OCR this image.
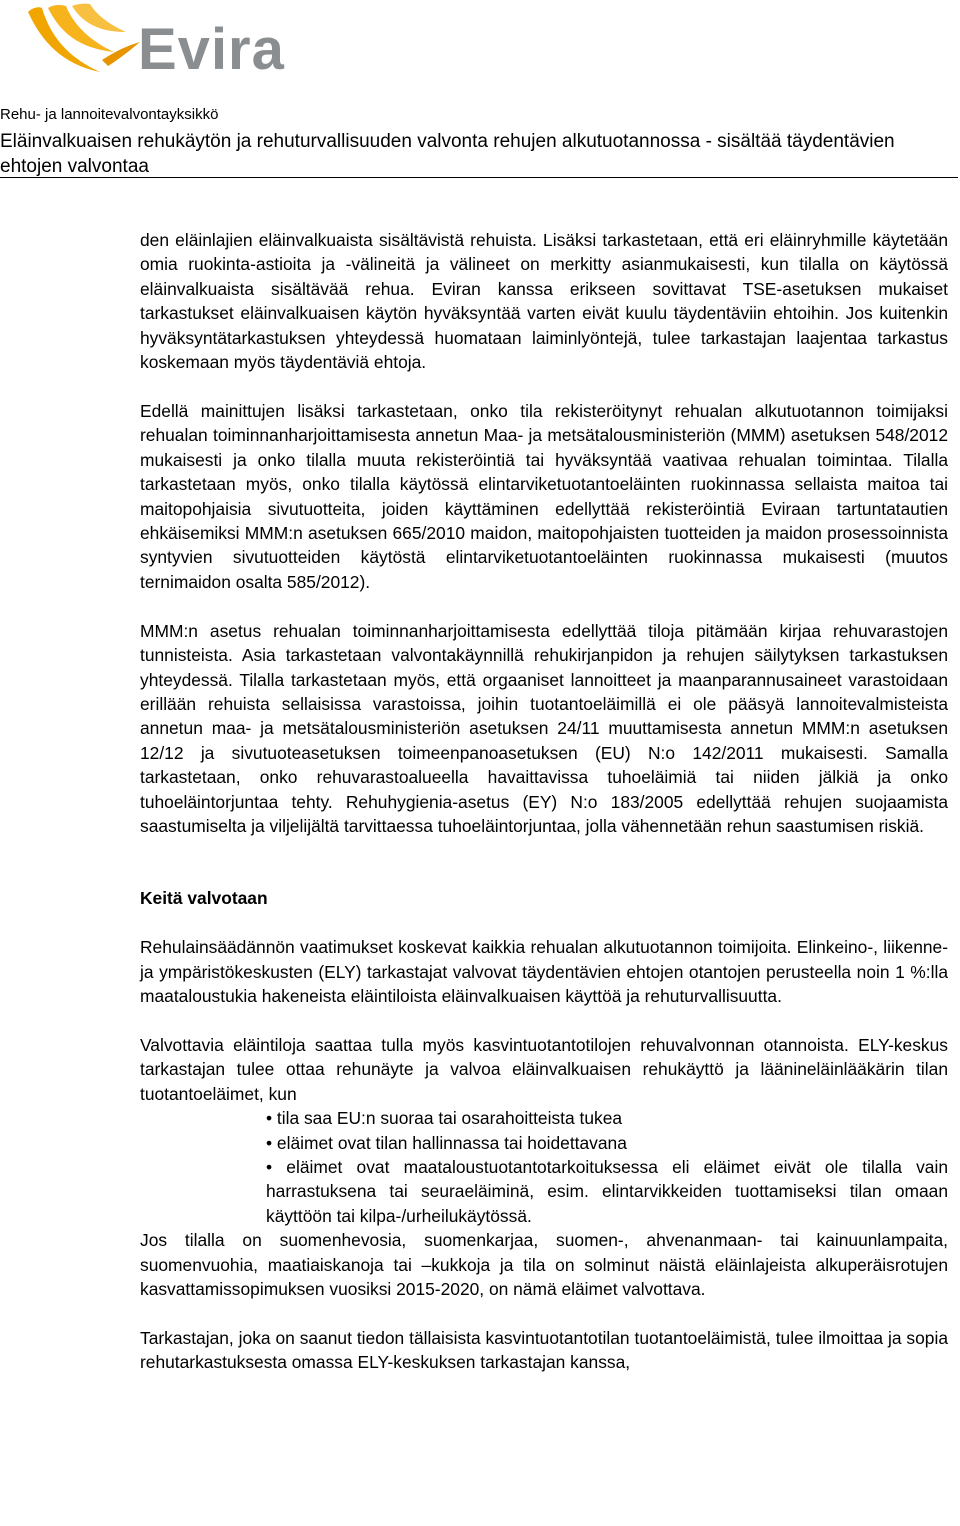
Evira
Rehu- ja lannoitevalvontayksikkö
Eläinvalkuaisen rehukäytön ja rehuturvallisuuden valvonta rehujen alkutuotannossa - sisältää täydentävien ehtojen valvontaa

den eläinlajien eläinvalkuaista sisältävistä rehuista. Lisäksi tarkastetaan, että eri eläinryhmille käytetään omia ruokinta-astioita ja -välineitä ja välineet on merkitty asianmukaisesti, kun tilalla on käytössä eläinvalkuaista sisältävää rehua. Eviran kanssa erikseen sovittavat TSE-asetuksen mukaiset tarkastukset eläinvalkuaisen käytön hyväksyntää varten eivät kuulu täydentäviin ehtoihin. Jos kuitenkin hyväksyntätarkastuksen yhteydessä huomataan laiminlyöntejä, tulee tarkastajan laajentaa tarkastus koskemaan myös täydentäviä ehtoja.

Edellä mainittujen lisäksi tarkastetaan, onko tila rekisteröitynyt rehualan alkutuotannon toimijaksi rehualan toiminnanharjoittamisesta annetun Maa- ja metsätalousministeriön (MMM) asetuksen 548/2012 mukaisesti ja onko tilalla muuta rekisteröintiä tai hyväksyntää vaativaa rehualan toimintaa. Tilalla tarkastetaan myös, onko tilalla käytössä elintarviketuotantoeläinten ruokinnassa sellaista maitoa tai maitopohjaisia sivutuotteita, joiden käyttäminen edellyttää rekisteröintiä Eviraan tartuntatautien ehkäisemiksi MMM:n asetuksen 665/2010 maidon, maitopohjaisten tuotteiden ja maidon prosessoinnista syntyvien sivutuotteiden käytöstä elintarviketuotantoeläinten ruokinnassa mukaisesti (muutos ternimaidon osalta 585/2012).

MMM:n asetus rehualan toiminnanharjoittamisesta edellyttää tiloja pitämään kirjaa rehuvarastojen tunnisteista. Asia tarkastetaan valvontakäynnillä rehukirjanpidon ja rehujen säilytyksen tarkastuksen yhteydessä. Tilalla tarkastetaan myös, että orgaaniset lannoitteet ja maanparannusaineet varastoidaan erillään rehuista sellaisissa varastoissa, joihin tuotantoeläimillä ei ole pääsyä lannoitevalmisteista annetun maa- ja metsätalousministeriön asetuksen 24/11 muuttamisesta annetun MMM:n asetuksen 12/12 ja sivutuoteasetuksen toimeenpanoasetuksen (EU) N:o 142/2011 mukaisesti. Samalla tarkastetaan, onko rehuvarastoalueella havaittavissa tuhoeläimiä tai niiden jälkiä ja onko tuhoeläintorjuntaa tehty. Rehuhygienia-asetus (EY) N:o 183/2005 edellyttää rehujen suojaamista saastumiselta ja viljelijältä tarvittaessa tuhoeläintorjuntaa, jolla vähennetään rehun saastumisen riskiä.

Keitä valvotaan

Rehulainsäädännön vaatimukset koskevat kaikkia rehualan alkutuotannon toimijoita. Elinkeino-, liikenne- ja ympäristökeskusten (ELY) tarkastajat valvovat täydentävien ehtojen otantojen perusteella noin 1 %:lla maataloustukia hakeneista eläintiloista eläinvalkuaisen käyttöä ja rehuturvallisuutta.

Valvottavia eläintiloja saattaa tulla myös kasvintuotantotilojen rehuvalvonnan otannoista. ELY-keskus tarkastajan tulee ottaa rehunäyte ja valvoa eläinvalkuaisen rehukäyttö ja lääninеläinlääkärin tilan tuotantoeläimet, kun

• tila saa EU:n suoraa tai osarahoitteista tukea
• eläimet ovat tilan hallinnassa tai hoidettavana
• eläimet ovat maataloustuotantotarkoituksessa eli eläimet eivät ole tilalla vain harrastuksena tai seuraeläiminä, esim. elintarvikkeiden tuottamiseksi tilan omaan käyttöön tai kilpa-/urheilukäytössä.

Jos tilalla on suomenhevosia, suomenkarjaa, suomen-, ahvenanmaan- tai kainuunlampaita, suomenvuohia, maatiaiskanoja tai –kukkoja ja tila on solminut näistä eläinlajeista alkuperäisrotujen kasvattamissopimuksen vuosiksi 2015-2020, on nämä eläimet valvottava.

Tarkastajan, joka on saanut tiedon tällaisista kasvintuotantotilan tuotantoeläimistä, tulee ilmoittaa ja sopia rehutarkastuksesta omassa ELY-keskuksen tarkastajan kanssa,
